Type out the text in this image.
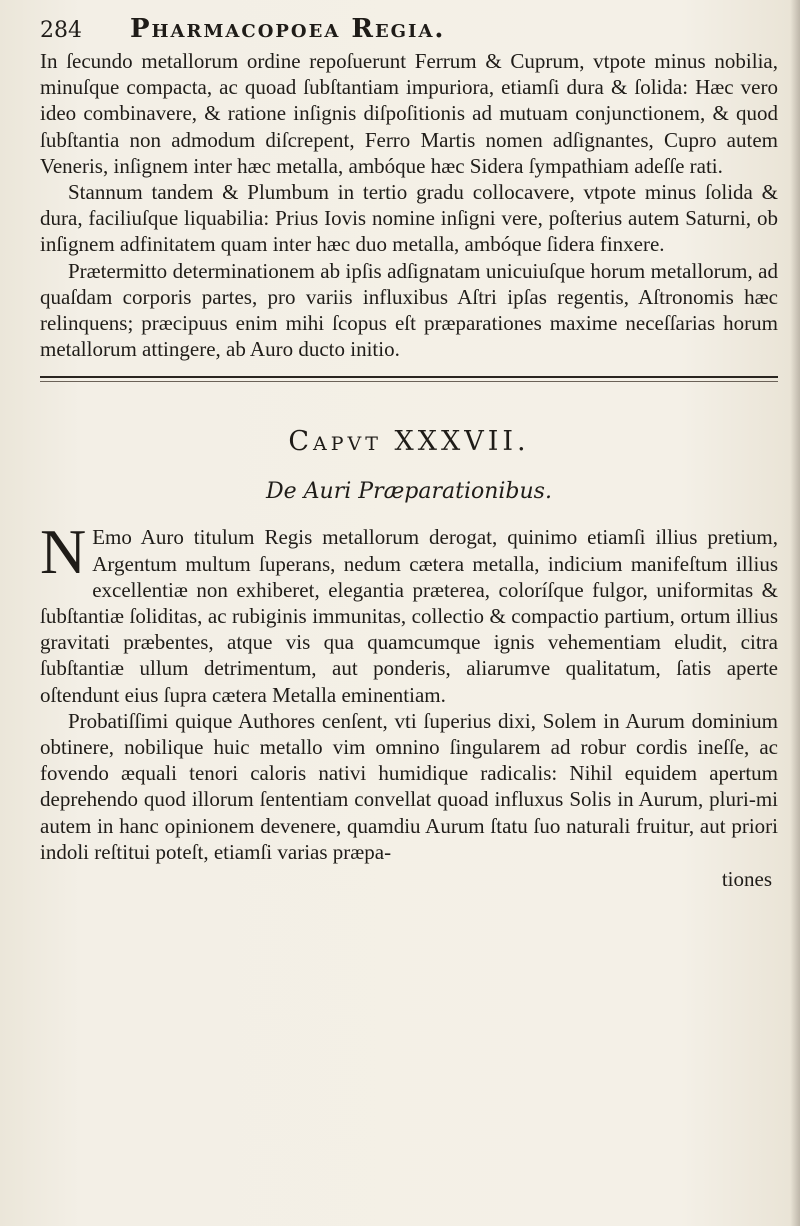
284	Pharmacopoea Regia.

In ſecundo metallorum ordine repoſuerunt Ferrum & Cuprum, vtpote minus nobilia, minuſque compacta, ac quoad ſubſtantiam impuriora, etiamſi dura & ſolida: Hæc vero ideo combinavere, & ratione inſignis diſpoſitionis ad mutuam conjunctionem, & quod ſubſtantia non admodum diſcrepent, Ferro Martis nomen adſignantes, Cupro autem Veneris, inſignem inter hæc metalla, ambóque hæc Sidera ſympathiam adeſſe rati.

Stannum tandem & Plumbum in tertio gradu collocavere, vtpote minus ſolida & dura, faciliuſque liquabilia: Prius Iovis nomine inſigni vere, poſterius autem Saturni, ob inſignem adfinitatem quam inter hæc duo metalla, ambóque ſidera finxere.

Prætermitto determinationem ab ipſis adſignatam unicuiuſque horum metallorum, ad quaſdam corporis partes, pro variis influxibus Aſtri ipſas regentis, Aſtronomis hæc relinquens; præcipuus enim mihi ſcopus eſt præparationes maxime neceſſarias horum metallorum attingere, ab Auro ducto initio.

Capvt XXXVII.
De Auri Præparationibus.
N Emo Auro titulum Regis metallorum derogat, quinimo etiamſi illius pretium, Argentum multum ſuperans, nedum cætera metalla, indicium manifeſtum illius excellentiæ non exhiberet, elegantia præterea, coloríſque fulgor, uniformitas & ſubſtantiæ ſoliditas, ac rubiginis immunitas, collectio & compactio partium, ortum illius gravitati præbentes, atque vis qua quamcumque ignis vehementiam eludit, citra ſubſtantiæ ullum detrimentum, aut ponderis, aliarumve qualitatum, ſatis aperte oſtendunt eius ſupra cætera Metalla eminentiam.

Probatiſſimi quique Authores cenſent, vti ſuperius dixi, Solem in Aurum dominium obtinere, nobilique huic metallo vim omnino ſingularem ad robur cordis ineſſe, ac fovendo æquali tenori caloris nativi humidique radicalis: Nihil equidem apertum deprehendo quod illorum ſententiam convellat quoad influxus Solis in Aurum, pluri-mi autem in hanc opinionem devenere, quamdiu Aurum ſtatu ſuo naturali fruitur, aut priori indoli reſtitui poteſt, etiamſi varias præpa-

tiones
